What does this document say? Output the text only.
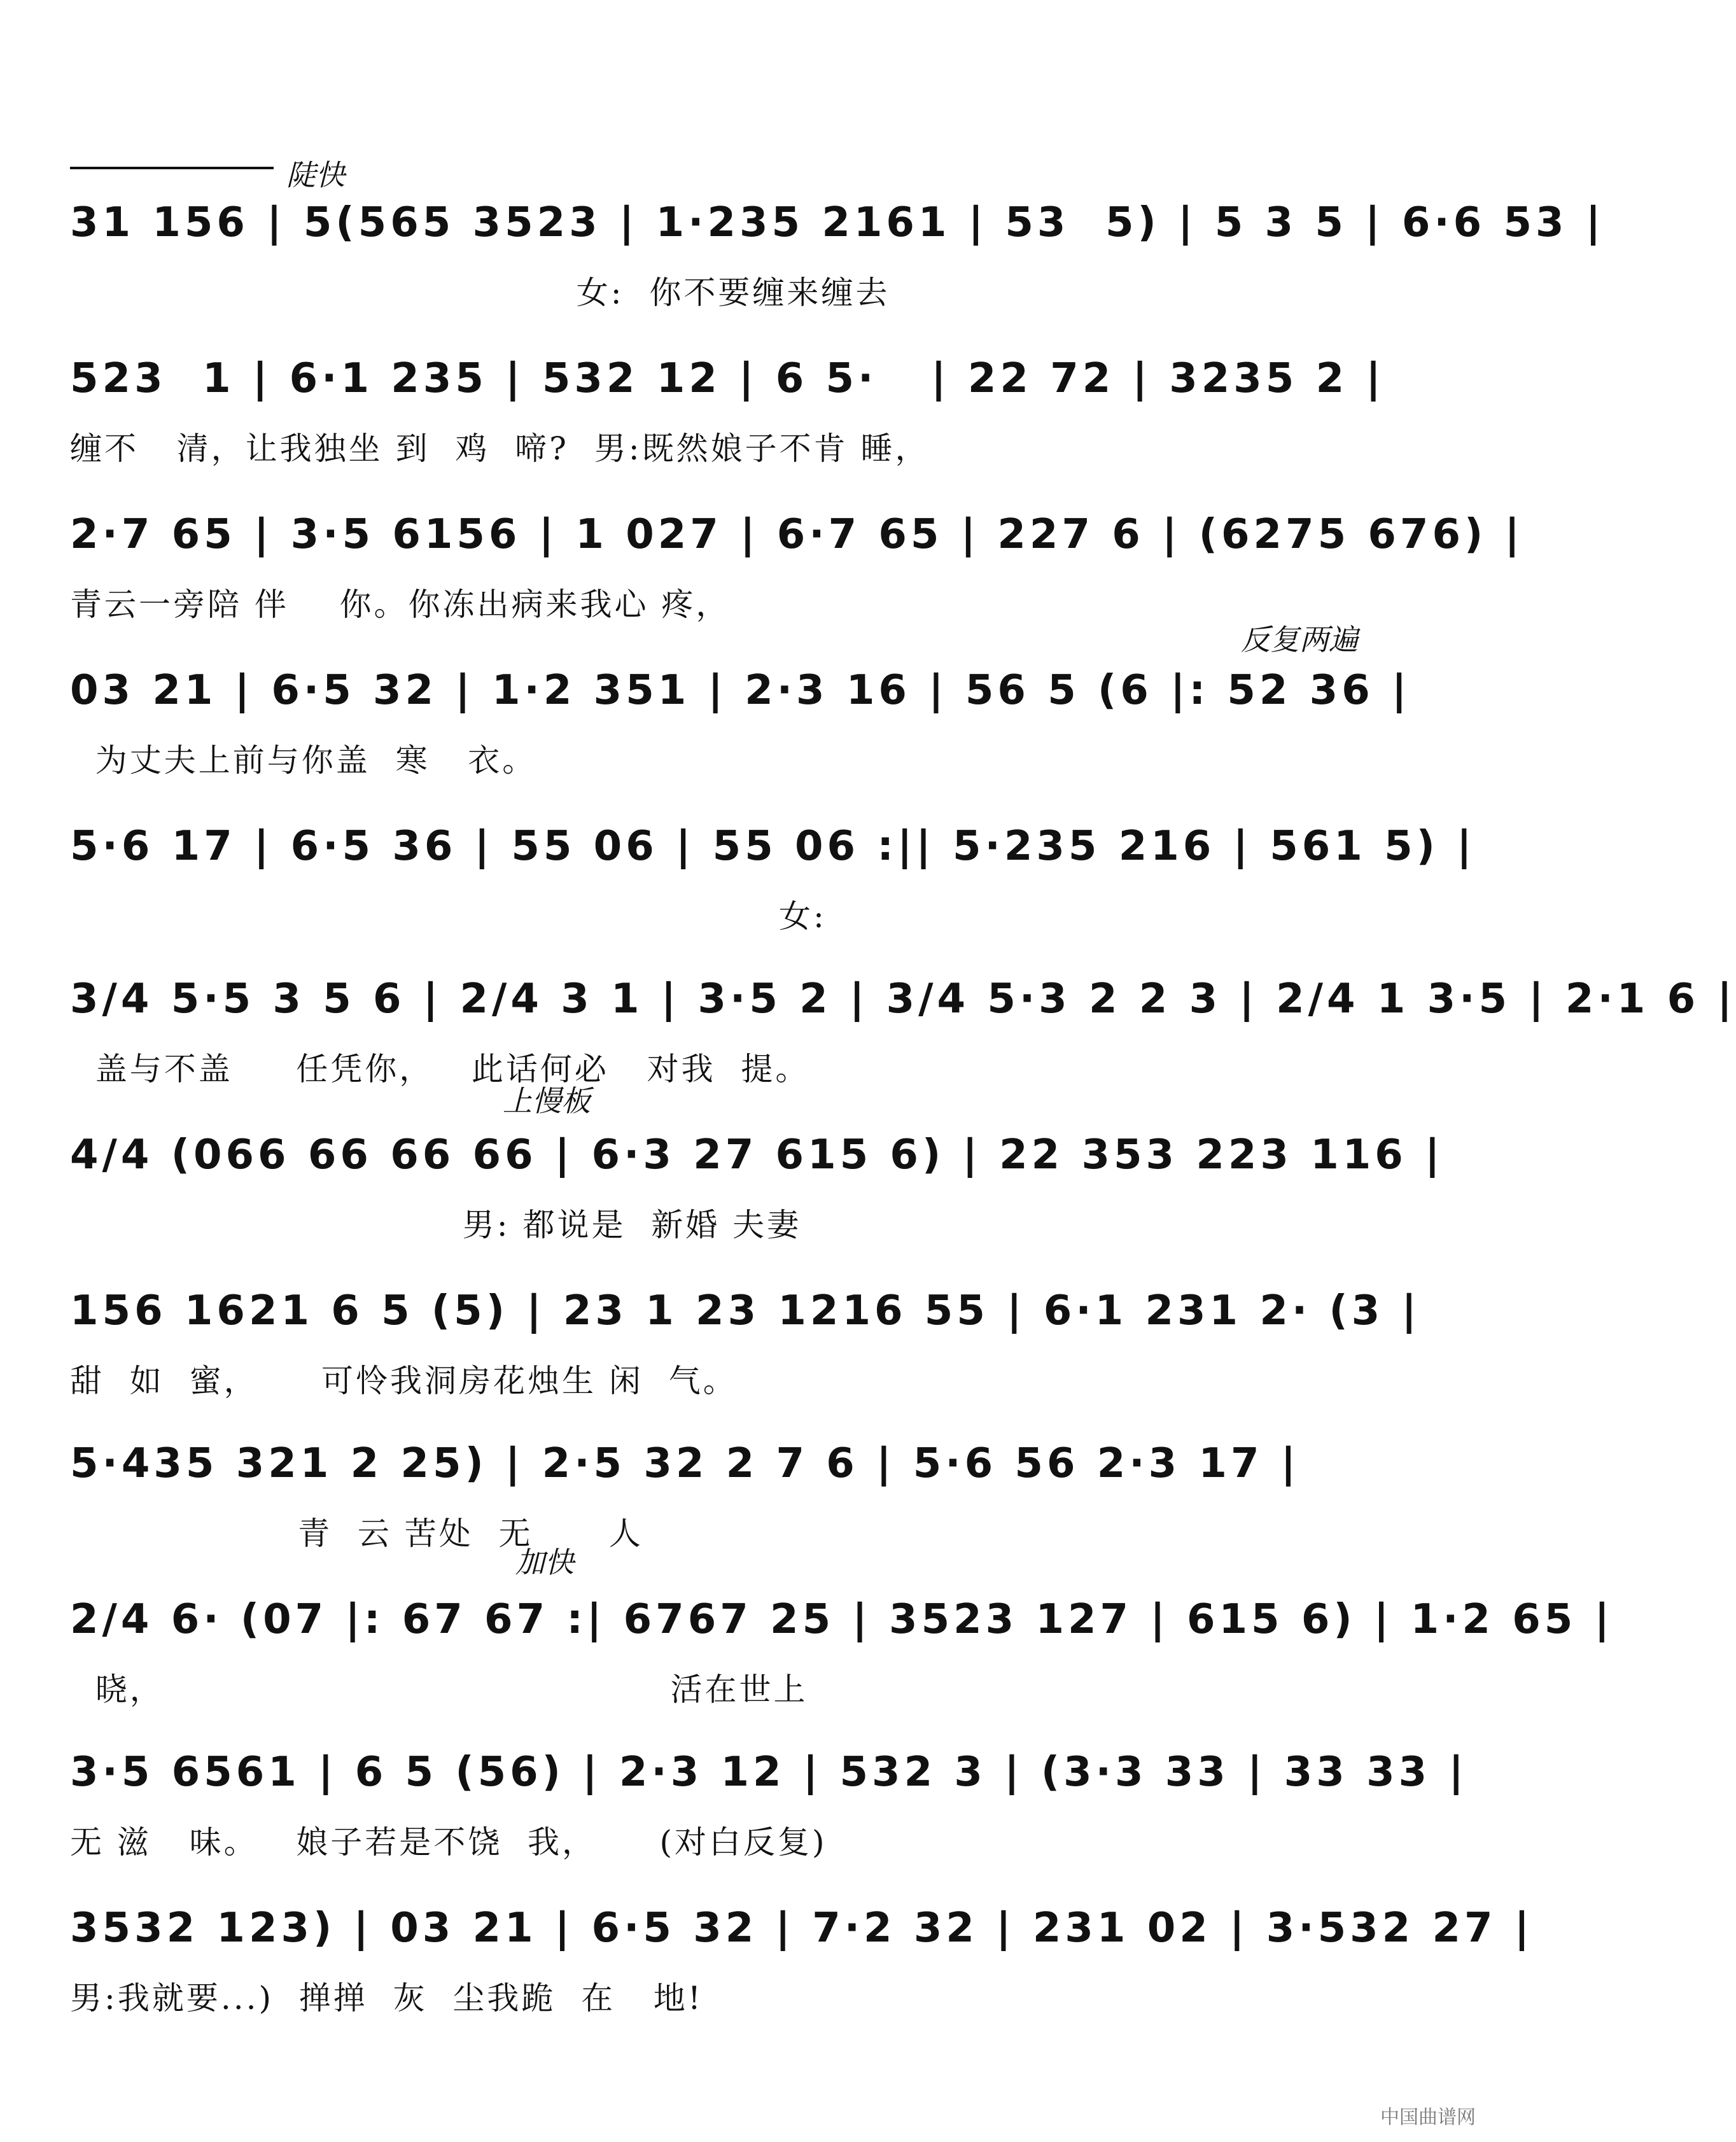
陡快
反复两遍
上慢板
加快
31 156 | 5(565 3523 | 1·235 2161 | 53  5) | 5 3 5 | 6·6 53 |
女:  你不要缠来缠去
523  1 | 6·1 235 | 532 12 | 6 5·   | 22 72 | 3235 2 |
缠不   清，让我独坐 到  鸡  啼?  男:既然娘子不肯 睡，
2·7 65 | 3·5 6156 | 1 027 | 6·7 65 | 227 6 | (6275 676) |
青云一旁陪 伴    你。你冻出病来我心 疼，
03 21 | 6·5 32 | 1·2 351 | 2·3 16 | 56 5 (6 |: 52 36 |
为丈夫上前与你盖  寒   衣。
5·6 17 | 6·5 36 | 55 06 | 55 06 :|| 5·235 216 | 561 5) |
女:
3/4 5·5 3 5 6 | 2/4 3 1 | 3·5 2 | 3/4 5·3 2 2 3 | 2/4 1 3·5 | 2·1 6 |
盖与不盖     任凭你，   此话何必   对我  提。
4/4 (066 66 66 66 | 6·3 27 615 6) | 22 353 223 116 |
男: 都说是  新婚 夫妻
156 1621 6 5 (5) | 23 1 23 1216 55 | 6·1 231 2· (3 |
甜  如  蜜，     可怜我洞房花烛生 闲  气。
5·435 321 2 25) | 2·5 32 2 7 6 | 5·6 56 2·3 17 |
青  云 苦处  无      人
2/4 6· (07 |: 67 67 :| 6767 25 | 3523 127 | 615 6) | 1·2 65 |
晓，                                        活在世上
3·5 6561 | 6 5 (56) | 2·3 12 | 532 3 | (3·3 33 | 33 33 |
无 滋   味。   娘子若是不饶  我，     (对白反复)
3532 123) | 03 21 | 6·5 32 | 7·2 32 | 231 02 | 3·532 27 |
男:我就要...)  掸掸  灰  尘我跪  在   地!
中国曲谱网
